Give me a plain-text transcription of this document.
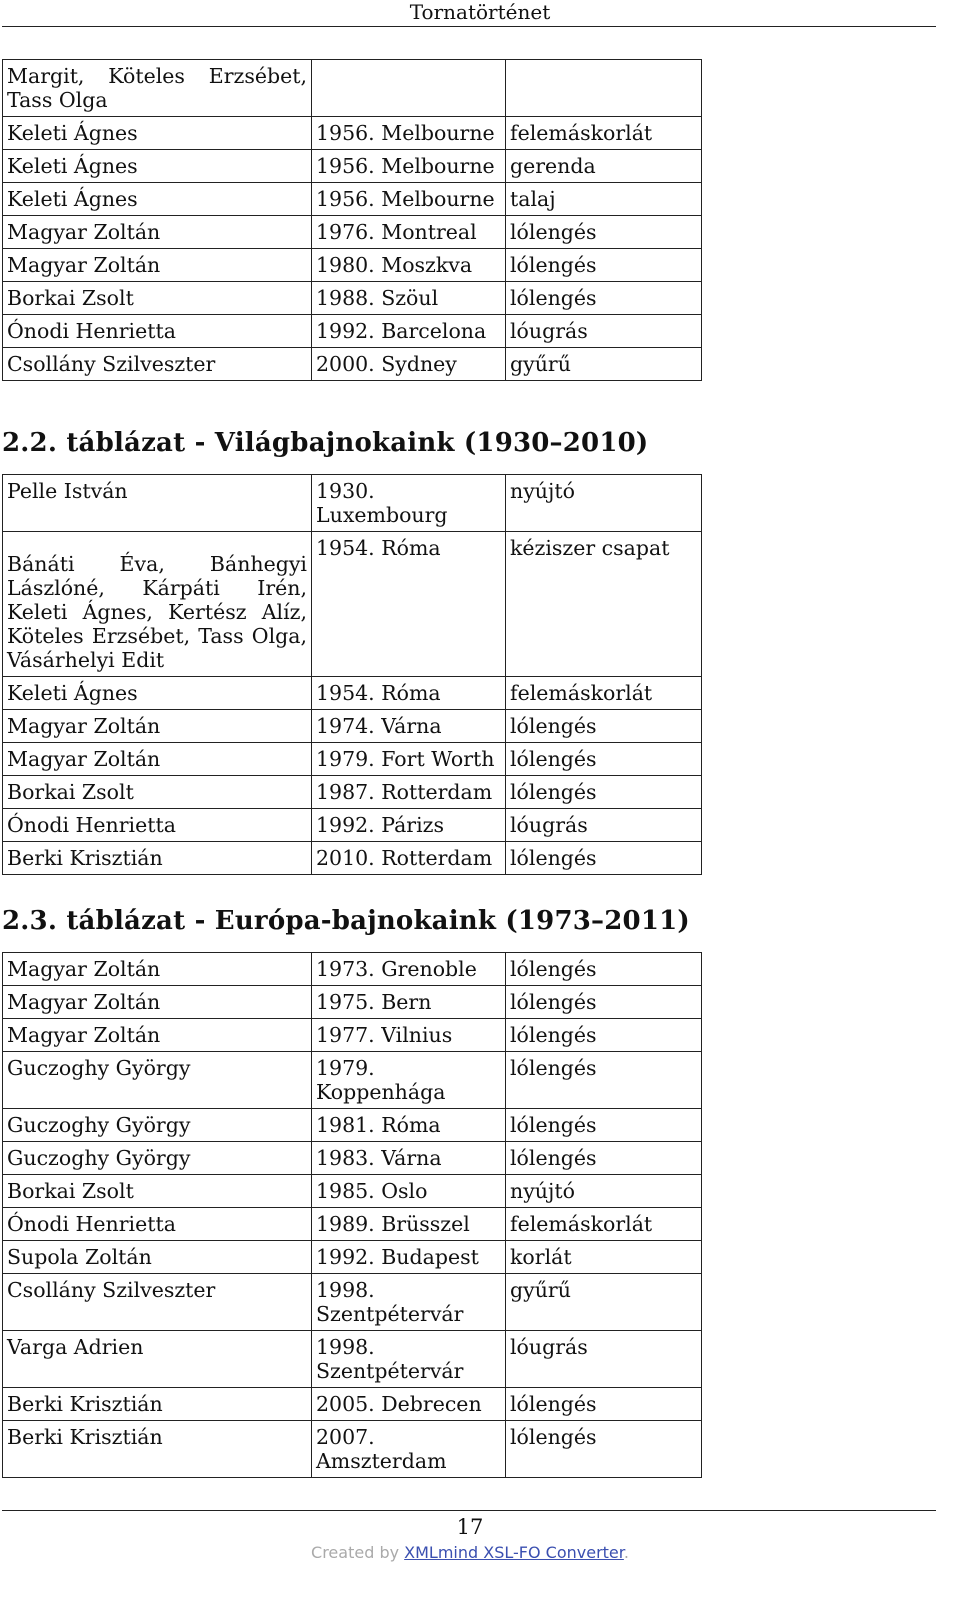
Tornatörténet
Margit, Köteles Erzsébet, Tass Olga		
Keleti Ágnes	1956. Melbourne	felemáskorlát
Keleti Ágnes	1956. Melbourne	gerenda
Keleti Ágnes	1956. Melbourne	talaj
Magyar Zoltán	1976. Montreal	lólengés
Magyar Zoltán	1980. Moszkva	lólengés
Borkai Zsolt	1988. Szöul	lólengés
Ónodi Henrietta	1992. Barcelona	lóugrás
Csollány Szilveszter	2000. Sydney	gyűrű
2.2. táblázat - Világbajnokaink (1930–2010)
Pelle István	1930. Luxembourg	nyújtó
Bánáti Éva, Bánhegyi Lászlóné, Kárpáti Irén, Keleti Ágnes, Kertész Alíz, Köteles Erzsébet, Tass Olga, Vásárhelyi Edit	1954. Róma	kéziszer csapat
Keleti Ágnes	1954. Róma	felemáskorlát
Magyar Zoltán	1974. Várna	lólengés
Magyar Zoltán	1979. Fort Worth	lólengés
Borkai Zsolt	1987. Rotterdam	lólengés
Ónodi Henrietta	1992. Párizs	lóugrás
Berki Krisztián	2010. Rotterdam	lólengés
2.3. táblázat - Európa-bajnokaink (1973–2011)
Magyar Zoltán	1973. Grenoble	lólengés
Magyar Zoltán	1975. Bern	lólengés
Magyar Zoltán	1977. Vilnius	lólengés
Guczoghy György	1979. Koppenhága	lólengés
Guczoghy György	1981. Róma	lólengés
Guczoghy György	1983. Várna	lólengés
Borkai Zsolt	1985. Oslo	nyújtó
Ónodi Henrietta	1989. Brüsszel	felemáskorlát
Supola Zoltán	1992. Budapest	korlát
Csollány Szilveszter	1998. Szentpétervár	gyűrű
Varga Adrien	1998. Szentpétervár	lóugrás
Berki Krisztián	2005. Debrecen	lólengés
Berki Krisztián	2007. Amszterdam	lólengés
17
Created by XMLmind XSL-FO Converter.
